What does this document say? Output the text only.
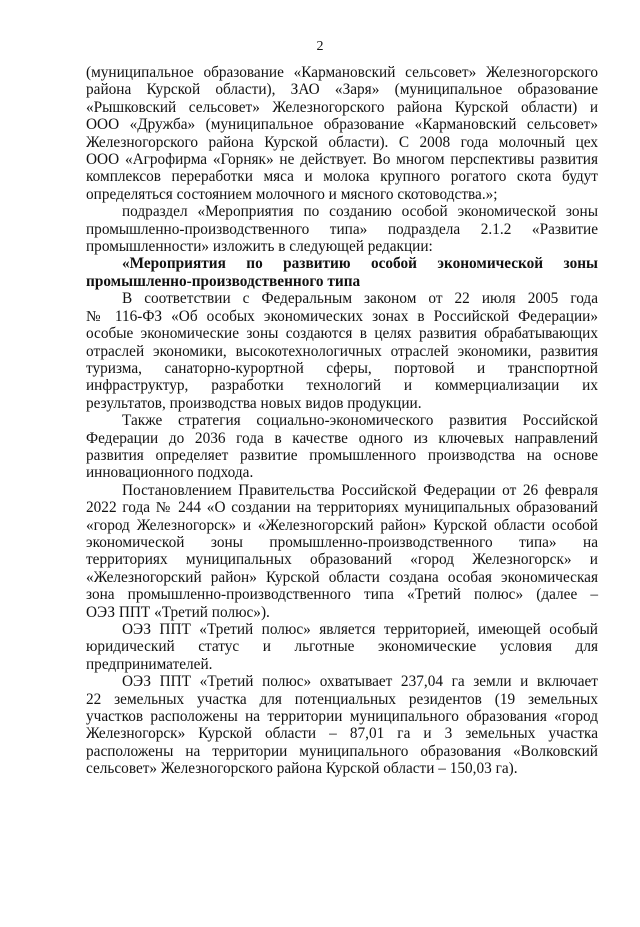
2
(муниципальное образование «Кармановский сельсовет» Железногорского
района Курской области), ЗАО «Заря» (муниципальное образование
«Рышковский сельсовет» Железногорского района Курской области) и
ООО «Дружба» (муниципальное образование «Кармановский сельсовет»
Железногорского района Курской области). С 2008 года молочный цех
ООО «Агрофирма «Горняк» не действует. Во многом перспективы развития
комплексов переработки мяса и молока крупного рогатого скота будут
определяться состоянием молочного и мясного скотоводства.»;
подраздел «Мероприятия по созданию особой экономической зоны
промышленно-производственного типа» подраздела 2.1.2 «Развитие
промышленности» изложить в следующей редакции:
«Мероприятия по развитию особой экономической зоны
промышленно-производственного типа
В соответствии с Федеральным законом от 22 июля 2005 года
№ 116-ФЗ «Об особых экономических зонах в Российской Федерации»
особые экономические зоны создаются в целях развития обрабатывающих
отраслей экономики, высокотехнологичных отраслей экономики, развития
туризма, санаторно-курортной сферы, портовой и транспортной
инфраструктур, разработки технологий и коммерциализации их
результатов, производства новых видов продукции.
Также стратегия социально-экономического развития Российской
Федерации до 2036 года в качестве одного из ключевых направлений
развития определяет развитие промышленного производства на основе
инновационного подхода.
Постановлением Правительства Российской Федерации от 26 февраля
2022 года № 244 «О создании на территориях муниципальных образований
«город Железногорск» и «Железногорский район» Курской области особой
экономической зоны промышленно-производственного типа» на
территориях муниципальных образований «город Железногорск» и
«Железногорский район» Курской области создана особая экономическая
зона промышленно-производственного типа «Третий полюс» (далее –
ОЭЗ ППТ «Третий полюс»).
ОЭЗ ППТ «Третий полюс» является территорией, имеющей особый
юридический статус и льготные экономические условия для
предпринимателей.
ОЭЗ ППТ «Третий полюс» охватывает 237,04 га земли и включает
22 земельных участка для потенциальных резидентов (19 земельных
участков расположены на территории муниципального образования «город
Железногорск» Курской области – 87,01 га и 3 земельных участка
расположены на территории муниципального образования «Волковский
сельсовет» Железногорского района Курской области – 150,03 га).
